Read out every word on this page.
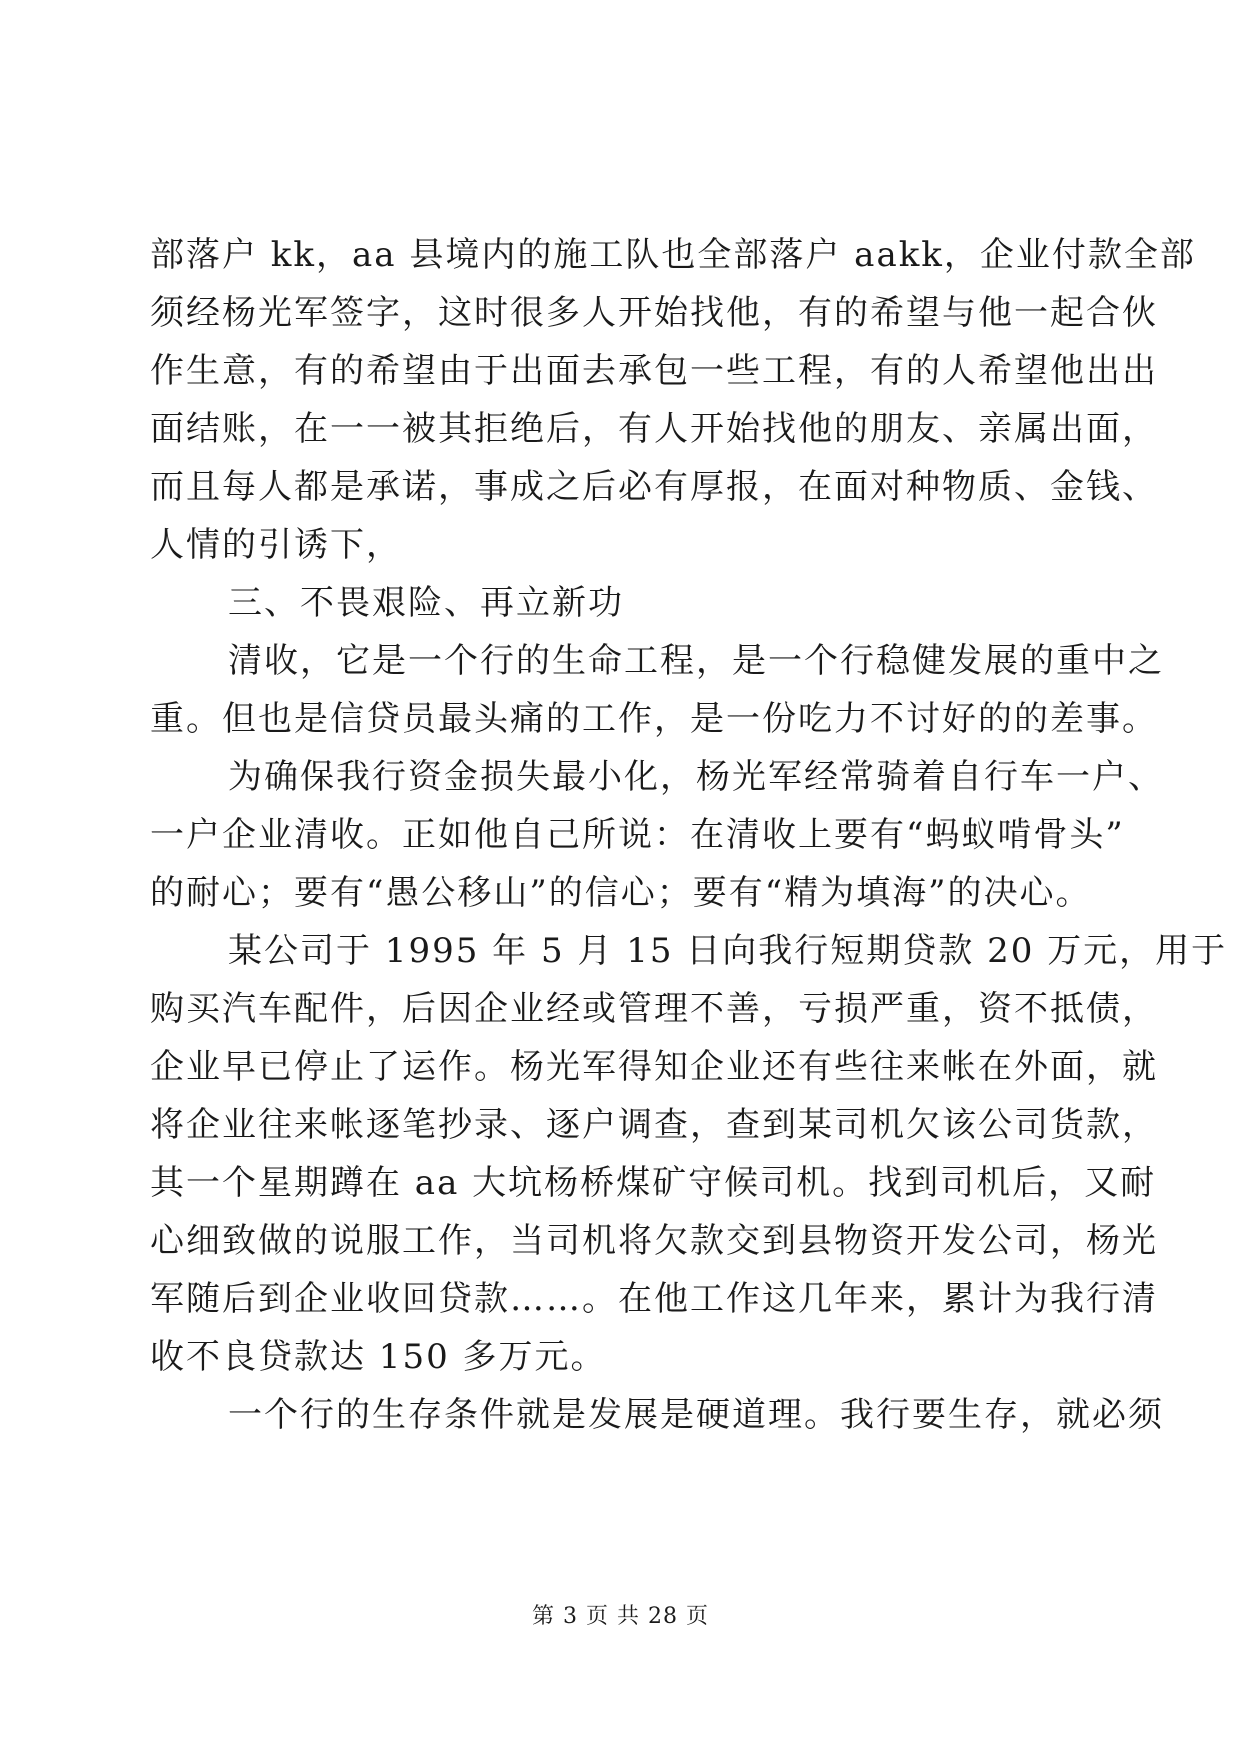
部落户 kk，aa 县境内的施工队也全部落户 aakk，企业付款全部
须经杨光军签字，这时很多人开始找他，有的希望与他一起合伙
作生意，有的希望由于出面去承包一些工程，有的人希望他出出
面结账，在一一被其拒绝后，有人开始找他的朋友、亲属出面，
而且每人都是承诺，事成之后必有厚报，在面对种物质、金钱、
人情的引诱下，
三、不畏艰险、再立新功
清收，它是一个行的生命工程，是一个行稳健发展的重中之
重。但也是信贷员最头痛的工作，是一份吃力不讨好的的差事。
为确保我行资金损失最小化，杨光军经常骑着自行车一户、
一户企业清收。正如他自己所说：在清收上要有“蚂蚁啃骨头”
的耐心；要有“愚公移山”的信心；要有“精为填海”的决心。
某公司于 1995 年 5 月 15 日向我行短期贷款 20 万元，用于
购买汽车配件，后因企业经或管理不善，亏损严重，资不抵债，
企业早已停止了运作。杨光军得知企业还有些往来帐在外面，就
将企业往来帐逐笔抄录、逐户调查，查到某司机欠该公司货款，
其一个星期蹲在 aa 大坑杨桥煤矿守候司机。找到司机后，又耐
心细致做的说服工作，当司机将欠款交到县物资开发公司，杨光
军随后到企业收回贷款……。在他工作这几年来，累计为我行清
收不良贷款达 150 多万元。
一个行的生存条件就是发展是硬道理。我行要生存，就必须
第 3 页 共 28 页
